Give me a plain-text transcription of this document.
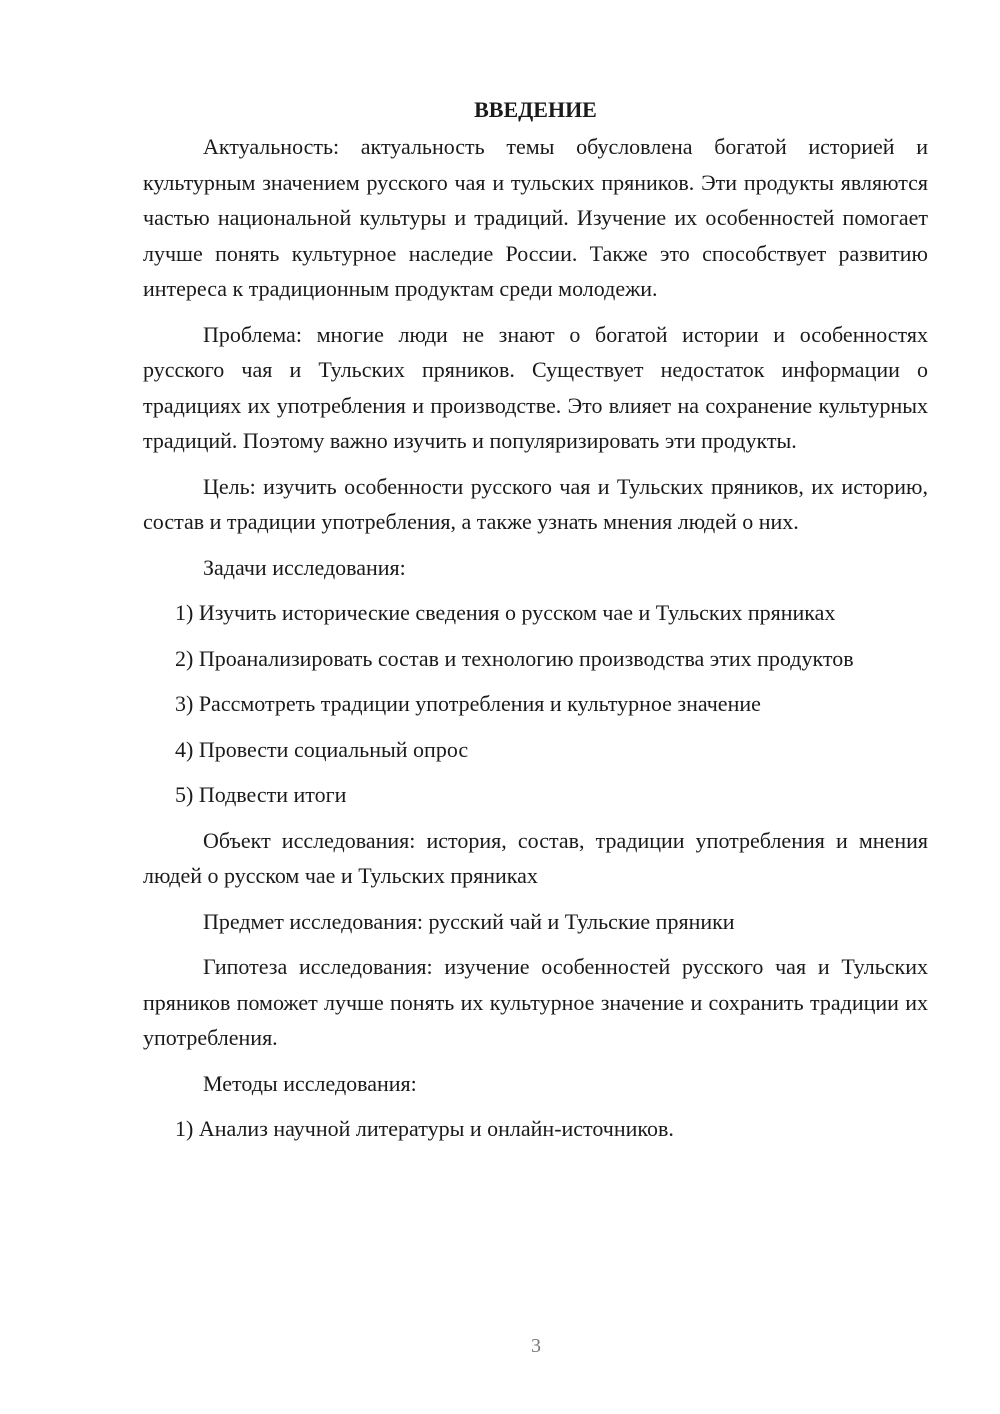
ВВЕДЕНИЕ

Актуальность: актуальность темы обусловлена богатой историей и культурным значением русского чая и тульских пряников. Эти продукты являются частью национальной культуры и традиций. Изучение их особенностей помогает лучше понять культурное наследие России. Также это способствует развитию интереса к традиционным продуктам среди молодежи.

Проблема: многие люди не знают о богатой истории и особенностях русского чая и Тульских пряников. Существует недостаток информации о традициях их употребления и производстве. Это влияет на сохранение культурных традиций. Поэтому важно изучить и популяризировать эти продукты.

Цель: изучить особенности русского чая и Тульских пряников, их историю, состав и традиции употребления, а также узнать мнения людей о них.

Задачи исследования:

1) Изучить исторические сведения о русском чае и Тульских пряниках

2) Проанализировать состав и технологию производства этих продуктов

3) Рассмотреть традиции употребления и культурное значение

4) Провести социальный опрос

5) Подвести итоги

Объект исследования: история, состав, традиции употребления и мнения людей о русском чае и Тульских пряниках

Предмет исследования: русский чай и Тульские пряники

Гипотеза исследования: изучение особенностей русского чая и Тульских пряников поможет лучше понять их культурное значение и сохранить традиции их употребления.

Методы исследования:

1) Анализ научной литературы и онлайн-источников.

3
